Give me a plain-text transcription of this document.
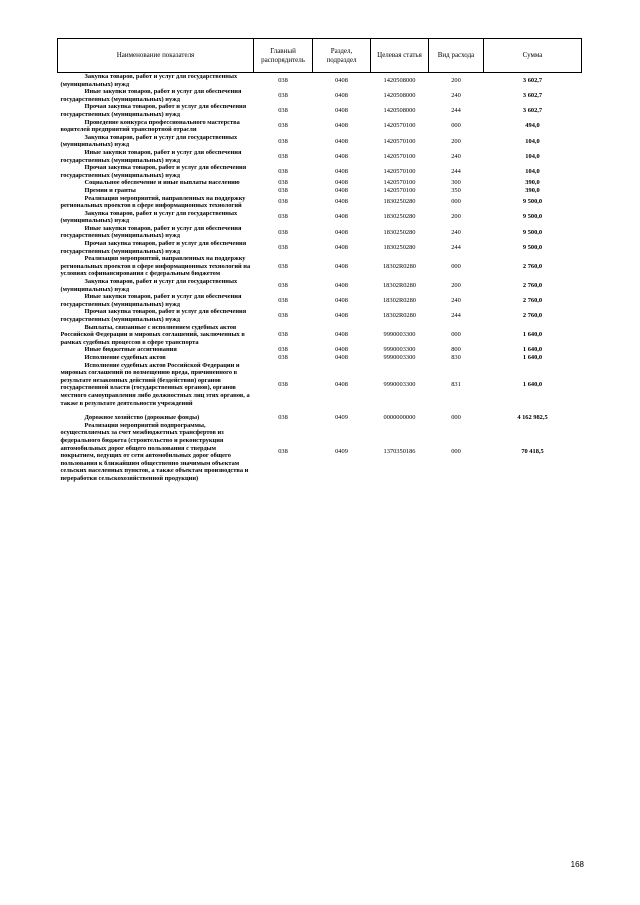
Наименование показателя	Главный распорядитель	Раздел, подраздел	Целевая статья	Вид расхода	Сумма

Закупка товаров, работ и услуг для государственных (муниципальных) нужд	038	0408	1420508000	200	3 602,7

Иные закупки товаров, работ и услуг для обеспечения государственных (муниципальных) нужд	038	0408	1420508000	240	3 602,7

Прочая закупка товаров, работ и услуг для обеспечения государственных (муниципальных) нужд	038	0408	1420508000	244	3 602,7

Проведение конкурса профессионального мастерства водителей предприятий транспортной отрасли	038	0408	1420570100	000	494,0

Закупка товаров, работ и услуг для государственных (муниципальных) нужд	038	0408	1420570100	200	104,0

Иные закупки товаров, работ и услуг для обеспечения государственных (муниципальных) нужд	038	0408	1420570100	240	104,0

Прочая закупка товаров, работ и услуг для обеспечения государственных (муниципальных) нужд	038	0408	1420570100	244	104,0

Социальное обеспечение и иные выплаты населению	038	0408	1420570100	300	390,0

Премии и гранты	038	0408	1420570100	350	390,0

Реализация мероприятий, направленных на поддержку региональных проектов в сфере информационных технологий	038	0408	1830250280	000	9 500,0

Закупка товаров, работ и услуг для государственных (муниципальных) нужд	038	0408	1830250280	200	9 500,0

Иные закупки товаров, работ и услуг для обеспечения государственных (муниципальных) нужд	038	0408	1830250280	240	9 500,0

Прочая закупка товаров, работ и услуг для обеспечения государственных (муниципальных) нужд	038	0408	1830250280	244	9 500,0

Реализация мероприятий, направленных на поддержку региональных проектов в сфере информационных технологий на условиях софинансирования с федеральным бюджетом	038	0408	18302R0280	000	2 760,0

Закупка товаров, работ и услуг для государственных (муниципальных) нужд	038	0408	18302R0280	200	2 760,0

Иные закупки товаров, работ и услуг для обеспечения государственных (муниципальных) нужд	038	0408	18302R0280	240	2 760,0

Прочая закупка товаров, работ и услуг для обеспечения государственных (муниципальных) нужд	038	0408	18302R0280	244	2 760,0

Выплаты, связанные с исполнением судебных актов Российской Федерации и мировых соглашений, заключенных в рамках судебных процессов в сфере транспорта	038	0408	9990003300	000	1 640,0

Иные бюджетные ассигнования	038	0408	9990003300	800	1 640,0

Исполнение судебных актов	038	0408	9990003300	830	1 640,0

Исполнение судебных актов Российской Федерации и мировых соглашений по возмещению вреда, причиненного в результате незаконных действий (бездействия) органов государственной власти (государственных органов), органов местного самоуправления либо должностных лиц этих органов, а также в результате деятельности учреждений	038	0408	9990003300	831	1 640,0

Дорожное хозяйство (дорожные фонды)	038	0409	0000000000	000	4 162 982,5

Реализация мероприятий подпрограммы, осуществляемых за счет межбюджетных трансфертов из федерального бюджета (строительство и реконструкция автомобильных дорог общего пользования с твердым покрытием, ведущих от сети автомобильных дорог общего пользования к ближайшим общественно значимым объектам сельских населенных пунктов, а также объектам производства и переработки сельскохозяйственной продукции)	038	0409	1370350186	000	70 418,5
168
